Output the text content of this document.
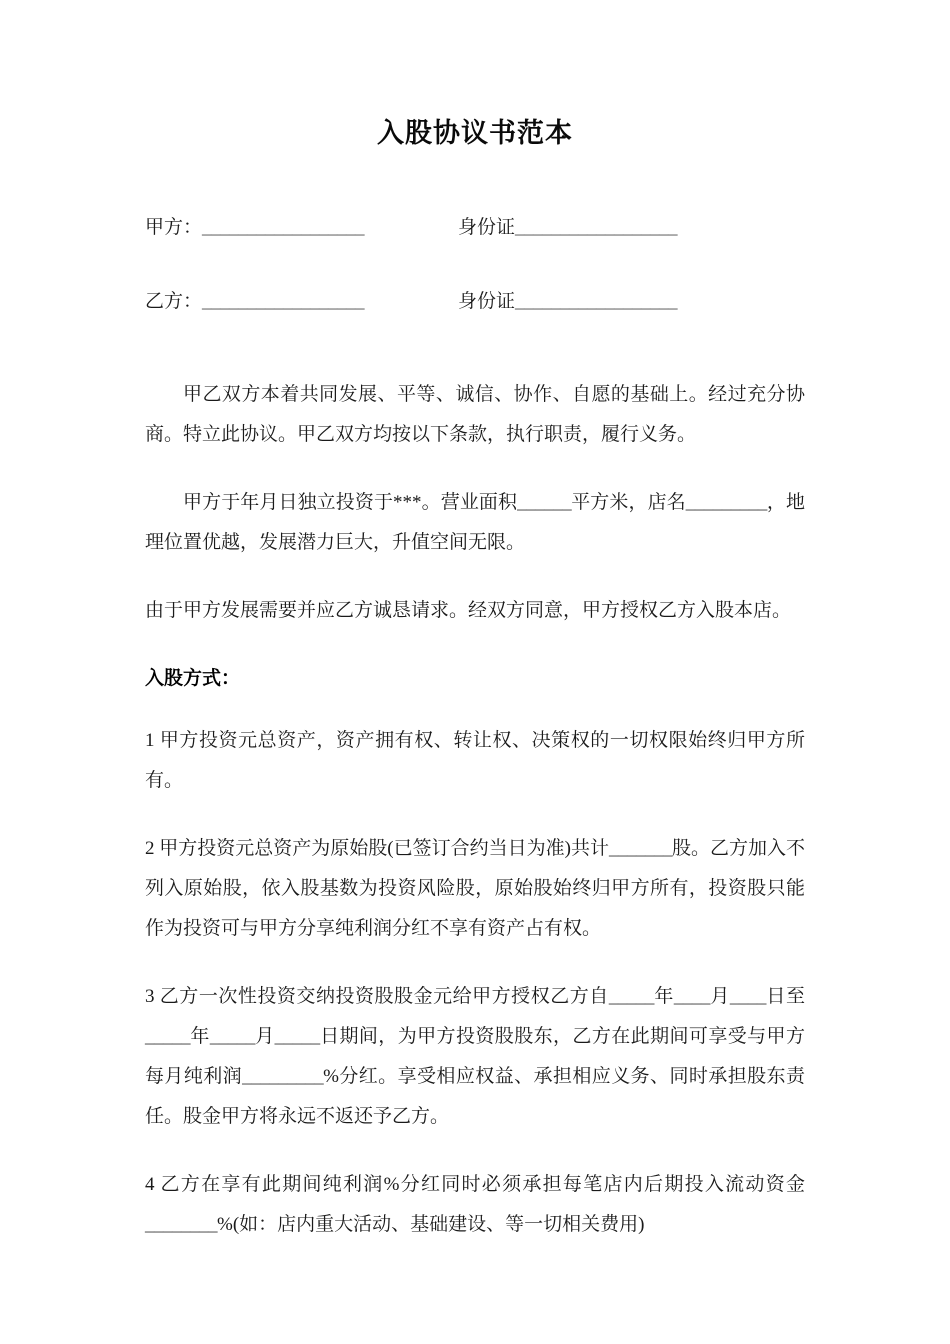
入股协议书范本
甲方：__________________	身份证__________________
乙方：__________________	身份证__________________

甲乙双方本着共同发展、平等、诚信、协作、自愿的基础上。经过充分协商。特立此协议。甲乙双方均按以下条款，执行职责，履行义务。

甲方于年月日独立投资于***。营业面积______平方米，店名_________，地理位置优越，发展潜力巨大，升值空间无限。

由于甲方发展需要并应乙方诚恳请求。经双方同意，甲方授权乙方入股本店。

入股方式：

1 甲方投资元总资产，资产拥有权、转让权、决策权的一切权限始终归甲方所有。

2 甲方投资元总资产为原始股(已签订合约当日为准)共计_______股。乙方加入不列入原始股，依入股基数为投资风险股，原始股始终归甲方所有，投资股只能作为投资可与甲方分享纯利润分红不享有资产占有权。

3 乙方一次性投资交纳投资股股金元给甲方授权乙方自_____年____月____日至_____年_____月_____日期间，为甲方投资股股东，乙方在此期间可享受与甲方每月纯利润_________%分红。享受相应权益、承担相应义务、同时承担股东责任。股金甲方将永远不返还予乙方。

4 乙方在享有此期间纯利润%分红同时必须承担每笔店内后期投入流动资金________%(如：店内重大活动、基础建设、等一切相关费用)
